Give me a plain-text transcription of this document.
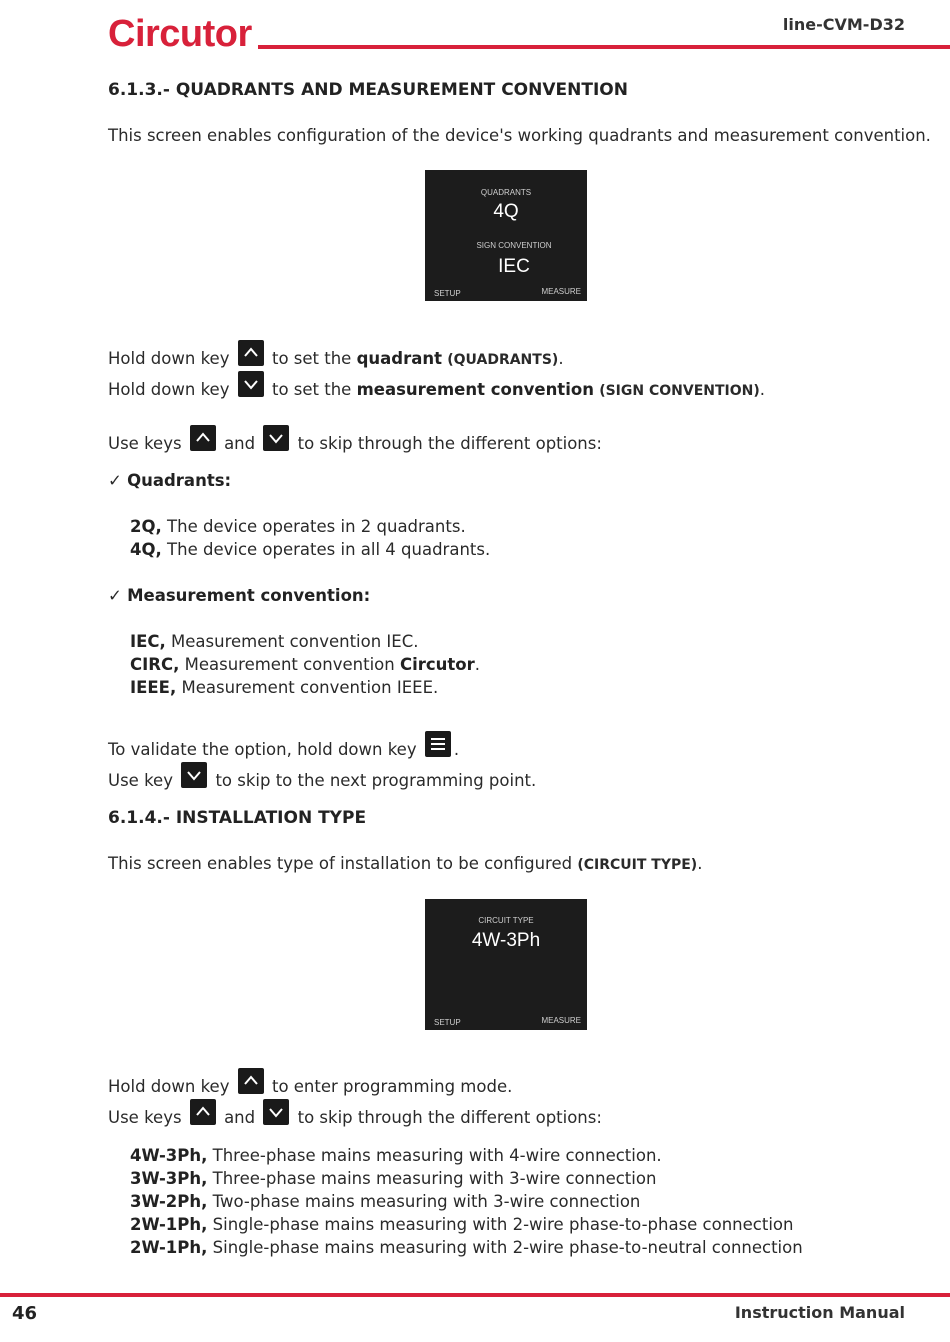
Circutor	line-CVM-D32
6.1.3.- QUADRANTS AND MEASUREMENT CONVENTION
This screen enables configuration of the device's working quadrants and measurement convention.
QUADRANTS
4Q
SIGN CONVENTION
IEC
SETUP	MEASURE
Hold down key	to set the quadrant (QUADRANTS).
Hold down key	to set the measurement convention (SIGN CONVENTION).
Use keys	and	to skip through the different options:
✓ Quadrants:
2Q, The device operates in 2 quadrants.
4Q, The device operates in all 4 quadrants.
✓ Measurement convention:
IEC, Measurement convention IEC.
CIRC, Measurement convention Circutor.
IEEE, Measurement convention IEEE.
To validate the option, hold down key .
Use key	to skip to the next programming point.
6.1.4.- INSTALLATION TYPE
This screen enables type of installation to be configured (CIRCUIT TYPE).
CIRCUIT TYPE
4W-3Ph
SETUP	MEASURE
Hold down key	to enter programming mode.
Use keys	and	to skip through the different options:
4W-3Ph, Three-phase mains measuring with 4-wire connection.
3W-3Ph, Three-phase mains measuring with 3-wire connection
3W-2Ph, Two-phase mains measuring with 3-wire connection
2W-1Ph, Single-phase mains measuring with 2-wire phase-to-phase connection
2W-1Ph, Single-phase mains measuring with 2-wire phase-to-neutral connection
46	Instruction Manual
